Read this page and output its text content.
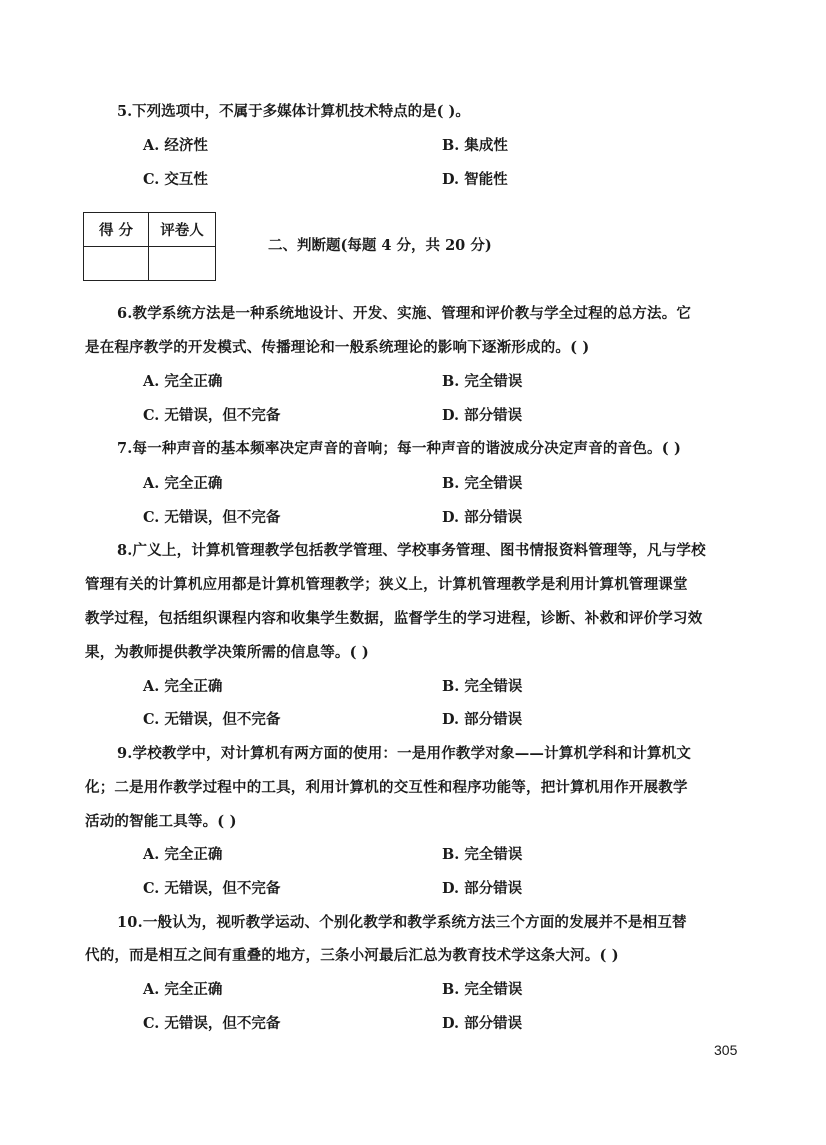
5.下列选项中，不属于多媒体计算机技术特点的是( )。
A. 经济性	B. 集成性
C. 交互性	D. 智能性
得 分	评卷人

二、判断题(每题 4 分，共 20 分)
6.教学系统方法是一种系统地设计、开发、实施、管理和评价教与学全过程的总方法。它
是在程序教学的开发模式、传播理论和一般系统理论的影响下逐渐形成的。( )
A. 完全正确	B. 完全错误
C. 无错误，但不完备	D. 部分错误
7.每一种声音的基本频率决定声音的音响；每一种声音的谐波成分决定声音的音色。( )
A. 完全正确	B. 完全错误
C. 无错误，但不完备	D. 部分错误
8.广义上，计算机管理教学包括教学管理、学校事务管理、图书情报资料管理等，凡与学校
管理有关的计算机应用都是计算机管理教学；狭义上，计算机管理教学是利用计算机管理课堂
教学过程，包括组织课程内容和收集学生数据，监督学生的学习进程，诊断、补救和评价学习效
果，为教师提供教学决策所需的信息等。( )
A. 完全正确	B. 完全错误
C. 无错误，但不完备	D. 部分错误
9.学校教学中，对计算机有两方面的使用：一是用作教学对象——计算机学科和计算机文
化；二是用作教学过程中的工具，利用计算机的交互性和程序功能等，把计算机用作开展教学
活动的智能工具等。( )
A. 完全正确	B. 完全错误
C. 无错误，但不完备	D. 部分错误
10.一般认为，视听教学运动、个别化教学和教学系统方法三个方面的发展并不是相互替
代的，而是相互之间有重叠的地方，三条小河最后汇总为教育技术学这条大河。( )
A. 完全正确	B. 完全错误
C. 无错误，但不完备	D. 部分错误
305
